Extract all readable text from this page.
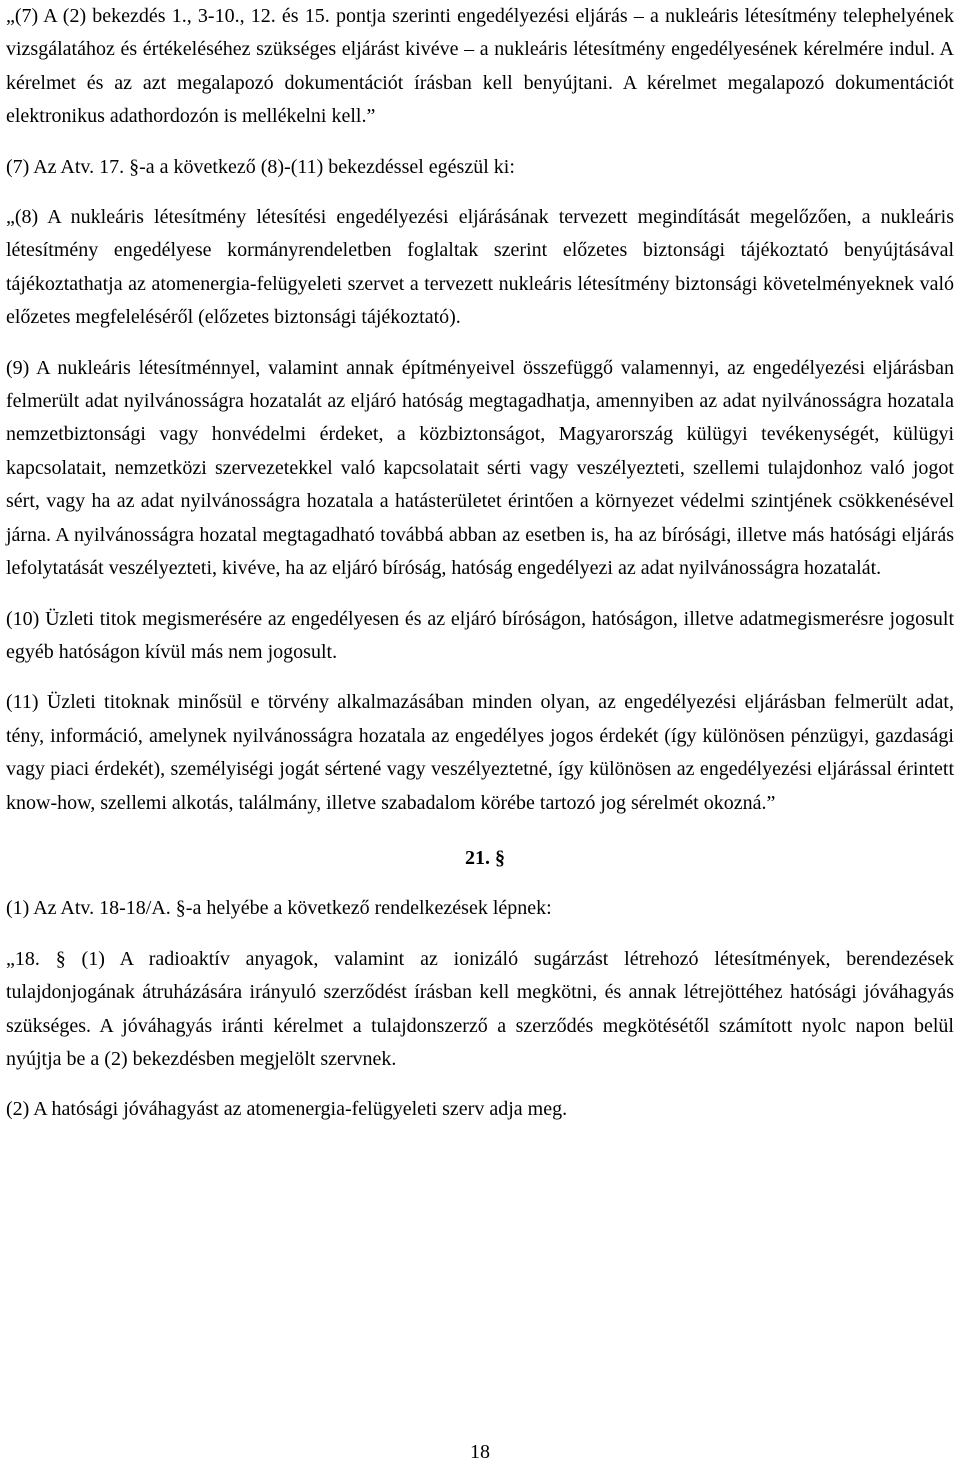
„(7) A (2) bekezdés 1., 3-10., 12. és 15. pontja szerinti engedélyezési eljárás – a nukleáris létesítmény telephelyének vizsgálatához és értékeléséhez szükséges eljárást kivéve – a nukleáris létesítmény engedélyesének kérelmére indul. A kérelmet és az azt megalapozó dokumentációt írásban kell benyújtani. A kérelmet megalapozó dokumentációt elektronikus adathordozón is mellékelni kell.”

(7) Az Atv. 17. §-a a következő (8)-(11) bekezdéssel egészül ki:

„(8) A nukleáris létesítmény létesítési engedélyezési eljárásának tervezett megindítását megelőzően, a nukleáris létesítmény engedélyese kormányrendeletben foglaltak szerint előzetes biztonsági tájékoztató benyújtásával tájékoztathatja az atomenergia-felügyeleti szervet a tervezett nukleáris létesítmény biztonsági követelményeknek való előzetes megfeleléséről (előzetes biztonsági tájékoztató).

(9) A nukleáris létesítménnyel, valamint annak építményeivel összefüggő valamennyi, az engedélyezési eljárásban felmerült adat nyilvánosságra hozatalát az eljáró hatóság megtagadhatja, amennyiben az adat nyilvánosságra hozatala nemzetbiztonsági vagy honvédelmi érdeket, a közbiztonságot, Magyarország külügyi tevékenységét, külügyi kapcsolatait, nemzetközi szervezetekkel való kapcsolatait sérti vagy veszélyezteti, szellemi tulajdonhoz való jogot sért, vagy ha az adat nyilvánosságra hozatala a hatásterületet érintően a környezet védelmi szintjének csökkenésével járna. A nyilvánosságra hozatal megtagadható továbbá abban az esetben is, ha az bírósági, illetve más hatósági eljárás lefolytatását veszélyezteti, kivéve, ha az eljáró bíróság, hatóság engedélyezi az adat nyilvánosságra hozatalát.

(10) Üzleti titok megismerésére az engedélyesen és az eljáró bíróságon, hatóságon, illetve adatmegismerésre jogosult egyéb hatóságon kívül más nem jogosult.

(11) Üzleti titoknak minősül e törvény alkalmazásában minden olyan, az engedélyezési eljárásban felmerült adat, tény, információ, amelynek nyilvánosságra hozatala az engedélyes jogos érdekét (így különösen pénzügyi, gazdasági vagy piaci érdekét), személyiségi jogát sértené vagy veszélyeztetné, így különösen az engedélyezési eljárással érintett know-how, szellemi alkotás, találmány, illetve szabadalom körébe tartozó jog sérelmét okozná.”

21. §

(1) Az Atv. 18-18/A. §-a helyébe a következő rendelkezések lépnek:

„18. § (1) A radioaktív anyagok, valamint az ionizáló sugárzást létrehozó létesítmények, berendezések tulajdonjogának átruházására irányuló szerződést írásban kell megkötni, és annak létrejöttéhez hatósági jóváhagyás szükséges. A jóváhagyás iránti kérelmet a tulajdonszerző a szerződés megkötésétől számított nyolc napon belül nyújtja be a (2) bekezdésben megjelölt szervnek.

(2) A hatósági jóváhagyást az atomenergia-felügyeleti szerv adja meg.

18
